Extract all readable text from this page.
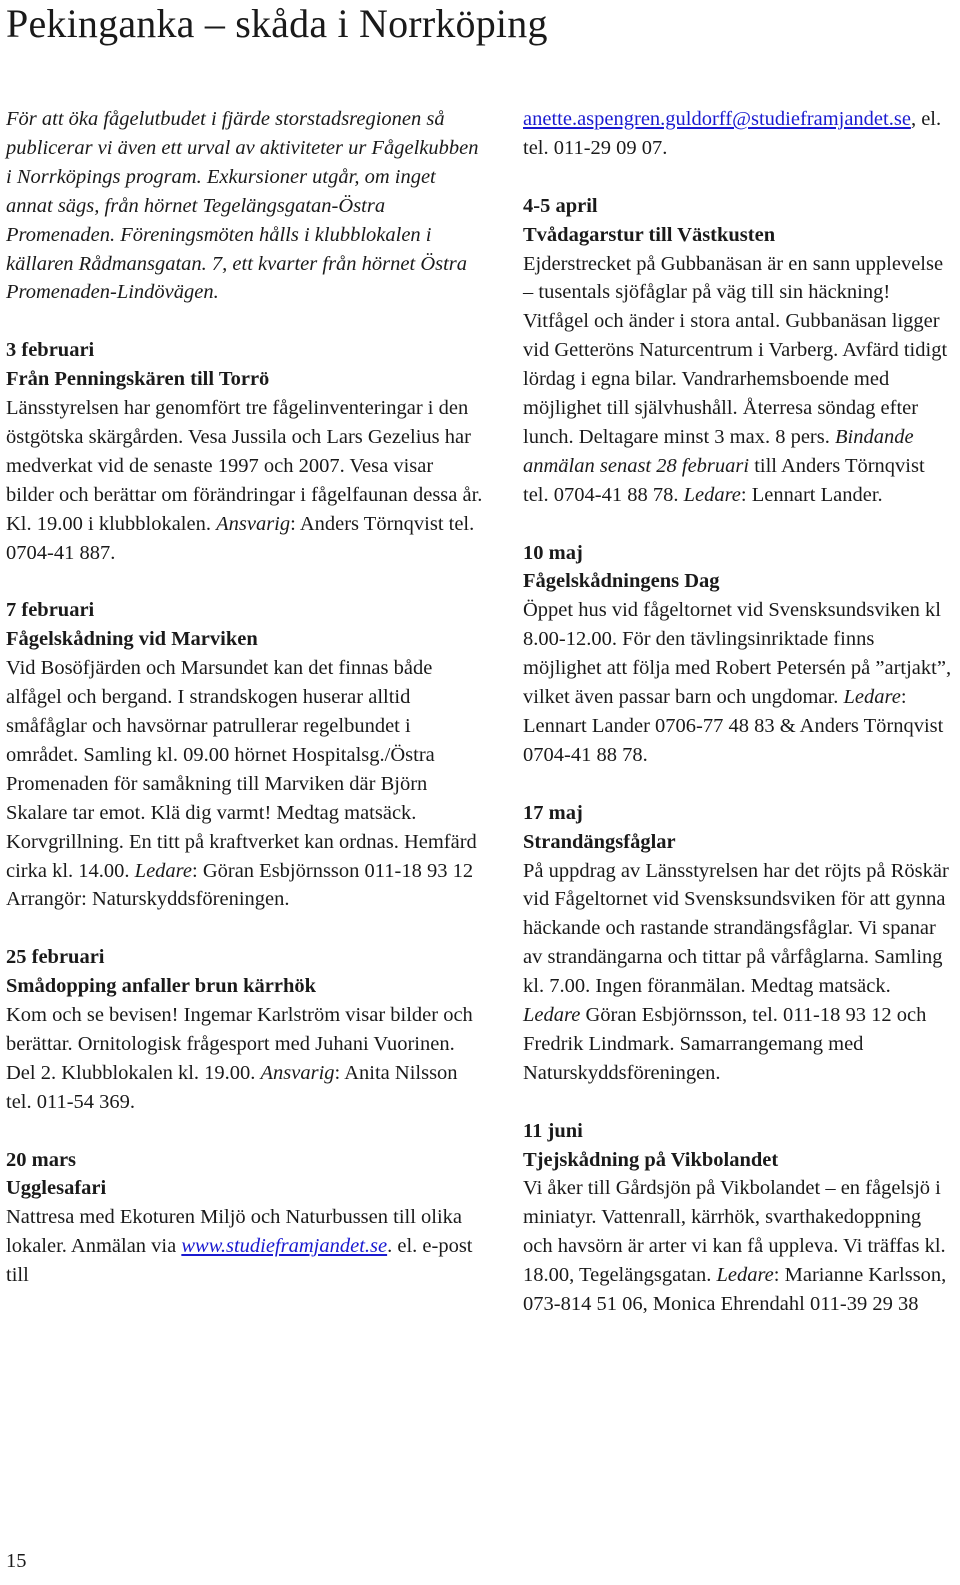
Pekinganka – skåda i Norrköping

För att öka fågelutbudet i fjärde storstadsregionen så publicerar vi även ett urval av aktiviteter ur Fågelkubben i Norrköpings program. Exkursioner utgår, om inget annat sägs, från hörnet Tegelängsgatan-Östra Promenaden. Föreningsmöten hålls i klubblokalen i källaren Rådmansgatan. 7, ett kvarter från hörnet Östra Promenaden-Lindövägen.

3 februari
Från Penningskären till Torrö

Länsstyrelsen har genomfört tre fågelinventeringar i den östgötska skärgården. Vesa Jussila och Lars Gezelius har medverkat vid de senaste 1997 och 2007. Vesa visar bilder och berättar om förändringar i fågelfaunan dessa år. Kl. 19.00 i klubblokalen. Ansvarig: Anders Törnqvist tel. 0704-41 887.

7 februari
Fågelskådning vid Marviken

Vid Bosöfjärden och Marsundet kan det finnas både alfågel och bergand. I strandskogen huserar alltid småfåglar och havsörnar patrullerar regelbundet i området. Samling kl. 09.00 hörnet Hospitalsg./Östra Promenaden för samåkning till Marviken där Björn Skalare tar emot. Klä dig varmt! Medtag matsäck. Korvgrillning. En titt på kraftverket kan ordnas. Hemfärd cirka kl. 14.00. Ledare: Göran Esbjörnsson 011-18 93 12 Arrangör: Naturskyddsföreningen.

25 februari
Smådopping anfaller brun kärrhök

Kom och se bevisen! Ingemar Karlström visar bilder och berättar. Ornitologisk frågesport med Juhani Vuorinen. Del 2. Klubblokalen kl. 19.00. Ansvarig: Anita Nilsson tel. 011-54 369.

20 mars
Ugglesafari

Nattresa med Ekoturen Miljö och Naturbussen till olika lokaler. Anmälan via www.studieframjandet.se. el. e-post till

anette.aspengren.guldorff@studieframjandet.se, el. tel. 011-29 09 07.

4-5 april
Tvådagarstur till Västkusten

Ejderstrecket på Gubbanäsan är en sann upplevelse – tusentals sjöfåglar på väg till sin häckning! Vitfågel och änder i stora antal. Gubbanäsan ligger vid Getteröns Naturcentrum i Varberg. Avfärd tidigt lördag i egna bilar. Vandrarhemsboende med möjlighet till självhushåll. Återresa söndag efter lunch. Deltagare minst 3 max. 8 pers. Bindande anmälan senast 28 februari till Anders Törnqvist tel. 0704-41 88 78. Ledare: Lennart Lander.

10 maj
Fågelskådningens Dag

Öppet hus vid fågeltornet vid Svensksundsviken kl 8.00-12.00. För den tävlingsinriktade finns möjlighet att följa med Robert Petersén på ”artjakt”, vilket även passar barn och ungdomar. Ledare: Lennart Lander 0706-77 48 83 & Anders Törnqvist 0704-41 88 78.

17 maj
Strandängsfåglar

På uppdrag av Länsstyrelsen har det röjts på Röskär vid Fågeltornet vid Svensksundsviken för att gynna häckande och rastande strandängsfåglar. Vi spanar av strandängarna och tittar på vårfåglarna. Samling kl. 7.00. Ingen föranmälan. Medtag matsäck. Ledare Göran Esbjörnsson, tel. 011-18 93 12 och Fredrik Lindmark. Samarrangemang med Naturskyddsföreningen.

11 juni
Tjejskådning på Vikbolandet

Vi åker till Gårdsjön på Vikbolandet – en fågelsjö i miniatyr. Vattenrall, kärrhök, svarthakedoppning och havsörn är arter vi kan få uppleva. Vi träffas kl. 18.00, Tegelängsgatan. Ledare: Marianne Karlsson, 073-814 51 06, Monica Ehrendahl 011-39 29 38

15
